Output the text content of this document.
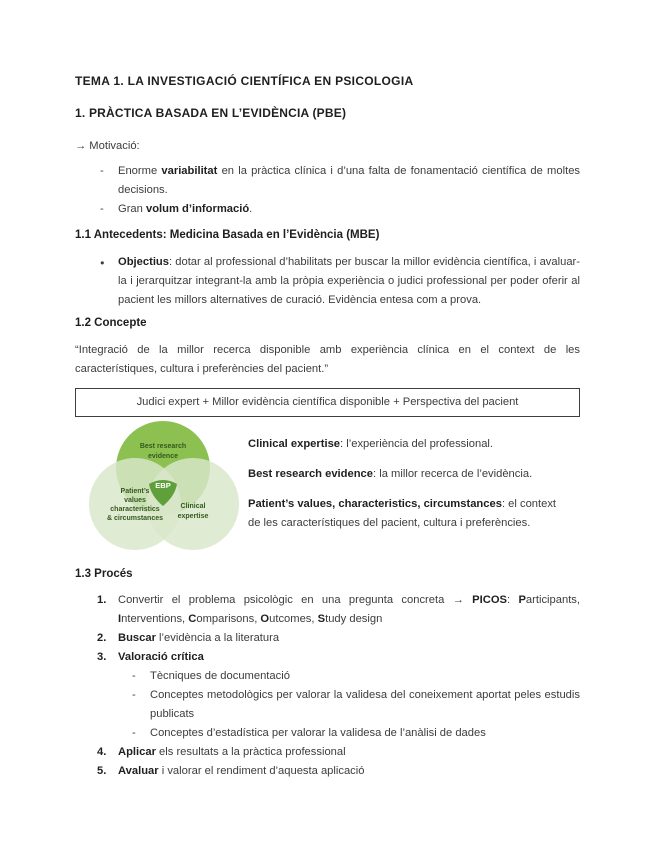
TEMA 1. LA INVESTIGACIÓ CIENTÍFICA EN PSICOLOGIA
1. PRÀCTICA BASADA EN L’EVIDÈNCIA (PBE)
→ Motivació:
-	Enorme variabilitat en la pràctica clínica i d’una falta de fonamentació científica de moltes decisions.
-	Gran volum d’informació.
1.1 Antecedents: Medicina Basada en l’Evidència (MBE)
●	Objectius: dotar al professional d’habilitats per buscar la millor evidència científica, i avaluar-la i jerarquitzar integrant-la amb la pròpia experiència o judici professional per poder oferir al pacient les millors alternatives de curació. Evidència entesa com a prova.
1.2 Concepte
“Integració de la millor recerca disponible amb experiència clínica en el context de les característiques, cultura i preferències del pacient.”
Judici expert + Millor evidència científica disponible + Perspectiva del pacient
Best research
evidence
Patient’s
values
characteristics
& circumstances
Clinical
expertise
EBP
Clinical expertise: l’experiència del professional.
Best research evidence: la millor recerca de l’evidència.
Patient’s values, characteristics, circumstances: el context de les característiques del pacient, cultura i preferències.
1.3 Procés
1.	Convertir el problema psicològic en una pregunta concreta → PICOS: Participants, Interventions, Comparisons, Outcomes, Study design
2.	Buscar l’evidència a la literatura
3.	Valoració crítica
-	Tècniques de documentació
-	Conceptes metodològics per valorar la validesa del coneixement aportat peles estudis publicats
-	Conceptes d’estadística per valorar la validesa de l’anàlisi de dades
4.	Aplicar els resultats a la pràctica professional
5.	Avaluar i valorar el rendiment d’aquesta aplicació
